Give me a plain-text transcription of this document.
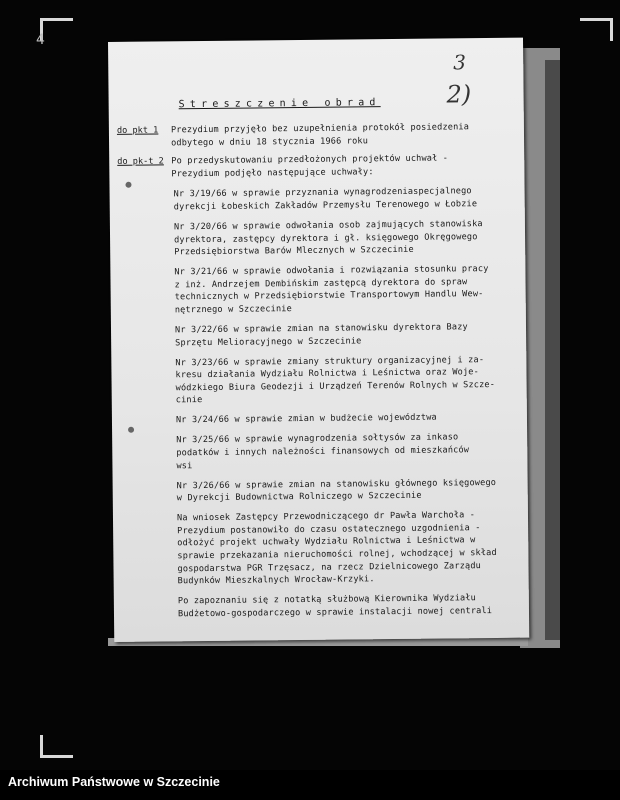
4
3
2)
Streszczenie obrad
do pkt 1 Prezydium przyjęło bez uzupełnienia protokół posiedzenia
odbytego w dniu 18 stycznia 1966 roku
do pk-t 2 Po przedyskutowaniu przedłożonych projektów uchwał -
Prezydium podjęło następujące uchwały:
Nr 3/19/66 w sprawie przyznania wynagrodzeniaspecjalnego
dyrekcji Łobeskich Zakładów Przemysłu Terenowego w Łobzie
Nr 3/20/66 w sprawie odwołania osob zajmujących stanowiska
dyrektora, zastępcy dyrektora i gł. księgowego Okręgowego
Przedsiębiorstwa Barów Mlecznych w Szczecinie
Nr 3/21/66 w sprawie odwołania i rozwiązania stosunku pracy
z inż. Andrzejem Dembińskim zastępcą dyrektora do spraw
technicznych w Przedsiębiorstwie Transportowym Handlu Wew-
nętrznego w Szczecinie
Nr 3/22/66 w sprawie zmian na stanowisku dyrektora Bazy
Sprzętu Melioracyjnego w Szczecinie
Nr 3/23/66 w sprawie zmiany struktury organizacyjnej i za-
kresu działania Wydziału Rolnictwa i Leśnictwa oraz Woje-
wódzkiego Biura Geodezji i Urządzeń Terenów Rolnych w Szcze-
cinie
Nr 3/24/66 w sprawie zmian w budżecie województwa
Nr 3/25/66 w sprawie wynagrodzenia sołtysów za inkaso
podatków i innych należności finansowych od mieszkańców
wsi
Nr 3/26/66 w sprawie zmian na stanowisku głównego księgowego
w Dyrekcji Budownictwa Rolniczego w Szczecinie
Na wniosek Zastępcy Przewodniczącego dr Pawła Warchoła -
Prezydium postanowiło do czasu ostatecznego uzgodnienia -
odłożyć projekt uchwały Wydziału Rolnictwa i Leśnictwa w
sprawie przekazania nieruchomości rolnej, wchodzącej w skład
gospodarstwa PGR Trzęsacz, na rzecz Dzielnicowego Zarządu
Budynków Mieszkalnych Wrocław-Krzyki.
Po zapoznaniu się z notatką służbową Kierownika Wydziału
Budżetowo-gospodarczego w sprawie instalacji nowej centrali
Archiwum Państwowe w Szczecinie
